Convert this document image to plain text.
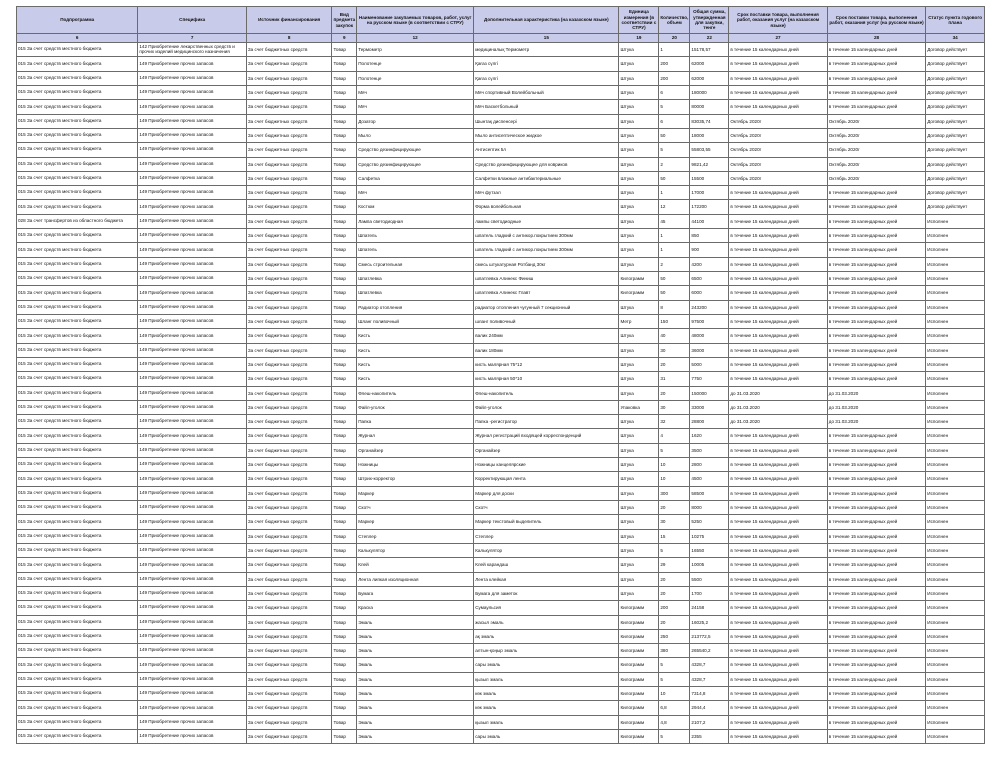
Подпрограмма	Специфика	Источник финансирования	Вид предмета закупок	Наименование закупаемых товаров, работ, услуг на русском языке (в соответствии с СТРУ)	Дополнительная характеристика (на казахском языке)	Единица измерения (в соответствии с СТРУ)	Количество, объем	Общая сумма, утвержденная для закупки, тенге	Срок поставки товара, выполнения работ, оказания услуг (на казахском языке)	Срок поставки товара, выполнения работ, оказания услуг (на русском языке)	Статус пункта годового плана
6	7	8	9	12	15	19	20	22	27	28	34
015 За счет средств местного бюджета	142 Приобретение лекарственных средств и прочих изделий медицинского назначения	За счет бюджетных средств	Товар	Термометр	медициналық Термометр	Штука	1	15178,57	в течение 15 календарных дней	в течение 15 календарных дней	Договор действует
015 За счет средств местного бюджета	149 Приобретение прочих запасов	За счет бюджетных средств	Товар	Полотенце	Қағаз сүлгі	Штука	200	62000	в течение 15 календарных дней	в течение 15 календарных дней	Договор действует
015 За счет средств местного бюджета	149 Приобретение прочих запасов	За счет бюджетных средств	Товар	Полотенце	Қағаз сүлгі	Штука	200	62000	в течение 15 календарных дней	в течение 15 календарных дней	Договор действует
015 За счет средств местного бюджета	149 Приобретение прочих запасов	За счет бюджетных средств	Товар	Мяч	Мяч спортивный Волейбольный	Штука	6	180000	в течение 15 календарных дней	в течение 15 календарных дней	Договор действует
015 За счет средств местного бюджета	149 Приобретение прочих запасов	За счет бюджетных средств	Товар	Мяч	Мяч Баскетбольный	Штука	5	80000	в течение 15 календарных дней	в течение 15 календарных дней	Договор действует
015 За счет средств местного бюджета	149 Приобретение прочих запасов	За счет бюджетных средств	Товар	Дозатор	Шынтақ диспенсері	Штука	6	83035,74	Октябрь 2020г	Октябрь 2020г	Договор действует
015 За счет средств местного бюджета	149 Приобретение прочих запасов	За счет бюджетных средств	Товар	Мыло	Мыло антисептическое жидкое	Штука	50	18000	Октябрь 2020г	Октябрь 2020г	Договор действует
015 За счет средств местного бюджета	149 Приобретение прочих запасов	За счет бюджетных средств	Товар	Средство дезинфицирующее	Антисептик 5л	Штука	5	55803,55	Октябрь 2020г	Октябрь 2020г	Договор действует
015 За счет средств местного бюджета	149 Приобретение прочих запасов	За счет бюджетных средств	Товар	Средство дезинфицирующее	Средство дезинфицирующее для ковриков	Штука	2	9821,42	Октябрь 2020г	Октябрь 2020г	Договор действует
015 За счет средств местного бюджета	149 Приобретение прочих запасов	За счет бюджетных средств	Товар	Салфетка	Салфетки влажные антибактериальные	Штука	50	15500	Октябрь 2020г	Октябрь 2020г	Договор действует
015 За счет средств местного бюджета	149 Приобретение прочих запасов	За счет бюджетных средств	Товар	Мяч	Мяч футзал	Штука	1	17000	в течение 15 календарных дней	в течение 15 календарных дней	Договор действует
015 За счет средств местного бюджета	149 Приобретение прочих запасов	За счет бюджетных средств	Товар	Костюм	Форма волейбольная	Штука	12	172200	в течение 15 календарных дней	в течение 15 календарных дней	Договор действует
028 За счет трансфертов из областного бюджета	149 Приобретение прочих запасов	За счет бюджетных средств	Товар	Лампа светодиодная	лампы светодиодные	Штука	45	44100	в течение 15 календарных дней	в течение 15 календарных дней	Исполнен
015 За счет средств местного бюджета	149 Приобретение прочих запасов	За счет бюджетных средств	Товар	Шпатель	шпатель гладкий с антикор.покрытием 300мм	Штука	1	850	в течение 15 календарных дней	в течение 15 календарных дней	Исполнен
015 За счет средств местного бюджета	149 Приобретение прочих запасов	За счет бюджетных средств	Товар	Шпатель	шпатель гладкий с антикор.покрытием 300мм	Штука	1	900	в течение 15 календарных дней	в течение 15 календарных дней	Исполнен
015 За счет средств местного бюджета	149 Приобретение прочих запасов	За счет бюджетных средств	Товар	Смесь строительная	смесь штукатурная Ротбанд 30кг	Штука	2	4200	в течение 15 календарных дней	в течение 15 календарных дней	Исполнен
015 За счет средств местного бюджета	149 Приобретение прочих запасов	За счет бюджетных средств	Товар	Шпатлевка	шпатлевка Алинекс Финиш	Килограмм	50	6500	в течение 15 календарных дней	в течение 15 календарных дней	Исполнен
015 За счет средств местного бюджета	149 Приобретение прочих запасов	За счет бюджетных средств	Товар	Шпатлевка	шпатлевка Алинекс Главт	Килограмм	50	6000	в течение 15 календарных дней	в течение 15 календарных дней	Исполнен
015 За счет средств местного бюджета	149 Приобретение прочих запасов	За счет бюджетных средств	Товар	Радиатор отопления	радиатор отопления чугунный 7 секционный	Штука	8	243200	в течение 15 календарных дней	в течение 15 календарных дней	Исполнен
015 За счет средств местного бюджета	149 Приобретение прочих запасов	За счет бюджетных средств	Товар	Шланг поливочный	шланг поливочный	Метр	150	97500	в течение 15 календарных дней	в течение 15 календарных дней	Исполнен
015 За счет средств местного бюджета	149 Приобретение прочих запасов	За счет бюджетных средств	Товар	Кисть	валик 240мм	Штука	40	48000	в течение 15 календарных дней	в течение 15 календарных дней	Исполнен
015 За счет средств местного бюджета	149 Приобретение прочих запасов	За счет бюджетных средств	Товар	Кисть	валик 180мм	Штука	30	36000	в течение 15 календарных дней	в течение 15 календарных дней	Исполнен
015 За счет средств местного бюджета	149 Приобретение прочих запасов	За счет бюджетных средств	Товар	Кисть	кисть малярная 75*12	Штука	20	5000	в течение 15 календарных дней	в течение 15 календарных дней	Исполнен
015 За счет средств местного бюджета	149 Приобретение прочих запасов	За счет бюджетных средств	Товар	Кисть	кисть малярная 50*10	Штука	31	7750	в течение 15 календарных дней	в течение 15 календарных дней	Исполнен
015 За счет средств местного бюджета	149 Приобретение прочих запасов	За счет бюджетных средств	Товар	Флеш-накопитель	Флеш-накопитель	Штука	20	150000	до 31.03.2020	до 31.03.2020	Исполнен
015 За счет средств местного бюджета	149 Приобретение прочих запасов	За счет бюджетных средств	Товар	Файл-уголок	Файл-уголок	Упаковка	30	33000	до 31.03.2020	до 31.03.2020	Исполнен
015 За счет средств местного бюджета	149 Приобретение прочих запасов	За счет бюджетных средств	Товар	Папка	Папка -регистратор	Штука	32	28800	до 31.03.2020	до 31.03.2020	Исполнен
015 За счет средств местного бюджета	149 Приобретение прочих запасов	За счет бюджетных средств	Товар	Журнал	Журнал регистраций входящей корреспонденций	Штука	4	1620	в течение 15 календарных дней	в течение 15 календарных дней	Исполнен
015 За счет средств местного бюджета	149 Приобретение прочих запасов	За счет бюджетных средств	Товар	Органайзер	Органайзер	Штука	5	3500	в течение 15 календарных дней	в течение 15 календарных дней	Исполнен
015 За счет средств местного бюджета	149 Приобретение прочих запасов	За счет бюджетных средств	Товар	Ножницы	Ножницы канцелярские	Штука	10	2800	в течение 15 календарных дней	в течение 15 календарных дней	Исполнен
015 За счет средств местного бюджета	149 Приобретение прочих запасов	За счет бюджетных средств	Товар	Штрих-корректор	Корректирующая лента	Штука	10	4500	в течение 15 календарных дней	в течение 15 календарных дней	Исполнен
015 За счет средств местного бюджета	149 Приобретение прочих запасов	За счет бюджетных средств	Товар	Маркер	Маркер для доски	Штука	300	58500	в течение 15 календарных дней	в течение 15 календарных дней	Исполнен
015 За счет средств местного бюджета	149 Приобретение прочих запасов	За счет бюджетных средств	Товар	Скотч	Скотч	Штука	20	8000	в течение 15 календарных дней	в течение 15 календарных дней	Исполнен
015 За счет средств местного бюджета	149 Приобретение прочих запасов	За счет бюджетных средств	Товар	Маркер	Маркер текстовый выделитель	Штука	30	5250	в течение 15 календарных дней	в течение 15 календарных дней	Исполнен
015 За счет средств местного бюджета	149 Приобретение прочих запасов	За счет бюджетных средств	Товар	Степлер	Степлер	Штука	15	10275	в течение 15 календарных дней	в течение 15 календарных дней	Исполнен
015 За счет средств местного бюджета	149 Приобретение прочих запасов	За счет бюджетных средств	Товар	Калькулятор	Калькулятор	Штука	5	16550	в течение 15 календарных дней	в течение 15 календарных дней	Исполнен
015 За счет средств местного бюджета	149 Приобретение прочих запасов	За счет бюджетных средств	Товар	Клей	Клей карандаш	Штука	29	10005	в течение 15 календарных дней	в течение 15 календарных дней	Исполнен
015 За счет средств местного бюджета	149 Приобретение прочих запасов	За счет бюджетных средств	Товар	Лента липкая изоляционная	Лента клейкая	Штука	20	5500	в течение 15 календарных дней	в течение 15 календарных дней	Исполнен
015 За счет средств местного бюджета	149 Приобретение прочих запасов	За счет бюджетных средств	Товар	Бумага	Бумага для заметок	Штука	20	1700	в течение 15 календарных дней	в течение 15 календарных дней	Исполнен
015 За счет средств местного бюджета	149 Приобретение прочих запасов	За счет бюджетных средств	Товар	Краска	Сумаульсия	Килограмм	200	24158	в течение 15 календарных дней	в течение 15 календарных дней	Исполнен
015 За счет средств местного бюджета	149 Приобретение прочих запасов	За счет бюджетных средств	Товар	Эмаль	жасыл эмаль	Килограмм	20	16025,2	в течение 15 календарных дней	в течение 15 календарных дней	Исполнен
015 За счет средств местного бюджета	149 Приобретение прочих запасов	За счет бюджетных средств	Товар	Эмаль	ақ эмаль	Килограмм	250	213772,5	в течение 15 календарных дней	в течение 15 календарных дней	Исполнен
015 За счет средств местного бюджета	149 Приобретение прочих запасов	За счет бюджетных средств	Товар	Эмаль	алтын-қоңыр эмаль	Килограмм	380	265540,2	в течение 15 календарных дней	в течение 15 календарных дней	Исполнен
015 За счет средств местного бюджета	149 Приобретение прочих запасов	За счет бюджетных средств	Товар	Эмаль	сары эмаль	Килограмм	5	4328,7	в течение 15 календарных дней	в течение 15 календарных дней	Исполнен
015 За счет средств местного бюджета	149 Приобретение прочих запасов	За счет бюджетных средств	Товар	Эмаль	қызыл эмаль	Килограмм	5	4328,7	в течение 15 календарных дней	в течение 15 календарных дней	Исполнен
015 За счет средств местного бюджета	149 Приобретение прочих запасов	За счет бюджетных средств	Товар	Эмаль	көк эмаль	Килограмм	10	7314,8	в течение 15 календарных дней	в течение 15 календарных дней	Исполнен
015 За счет средств местного бюджета	149 Приобретение прочих запасов	За счет бюджетных средств	Товар	Эмаль	көк эмаль	Килограмм	6,8	2944,4	в течение 15 календарных дней	в течение 15 календарных дней	Исполнен
015 За счет средств местного бюджета	149 Приобретение прочих запасов	За счет бюджетных средств	Товар	Эмаль	қызыл эмаль	Килограмм	4,8	2107,2	в течение 15 календарных дней	в течение 15 календарных дней	Исполнен
015 За счет средств местного бюджета	149 Приобретение прочих запасов	За счет бюджетных средств	Товар	Эмаль	сары эмаль	Килограмм	5	2355	в течение 15 календарных дней	в течение 15 календарных дней	Исполнен
